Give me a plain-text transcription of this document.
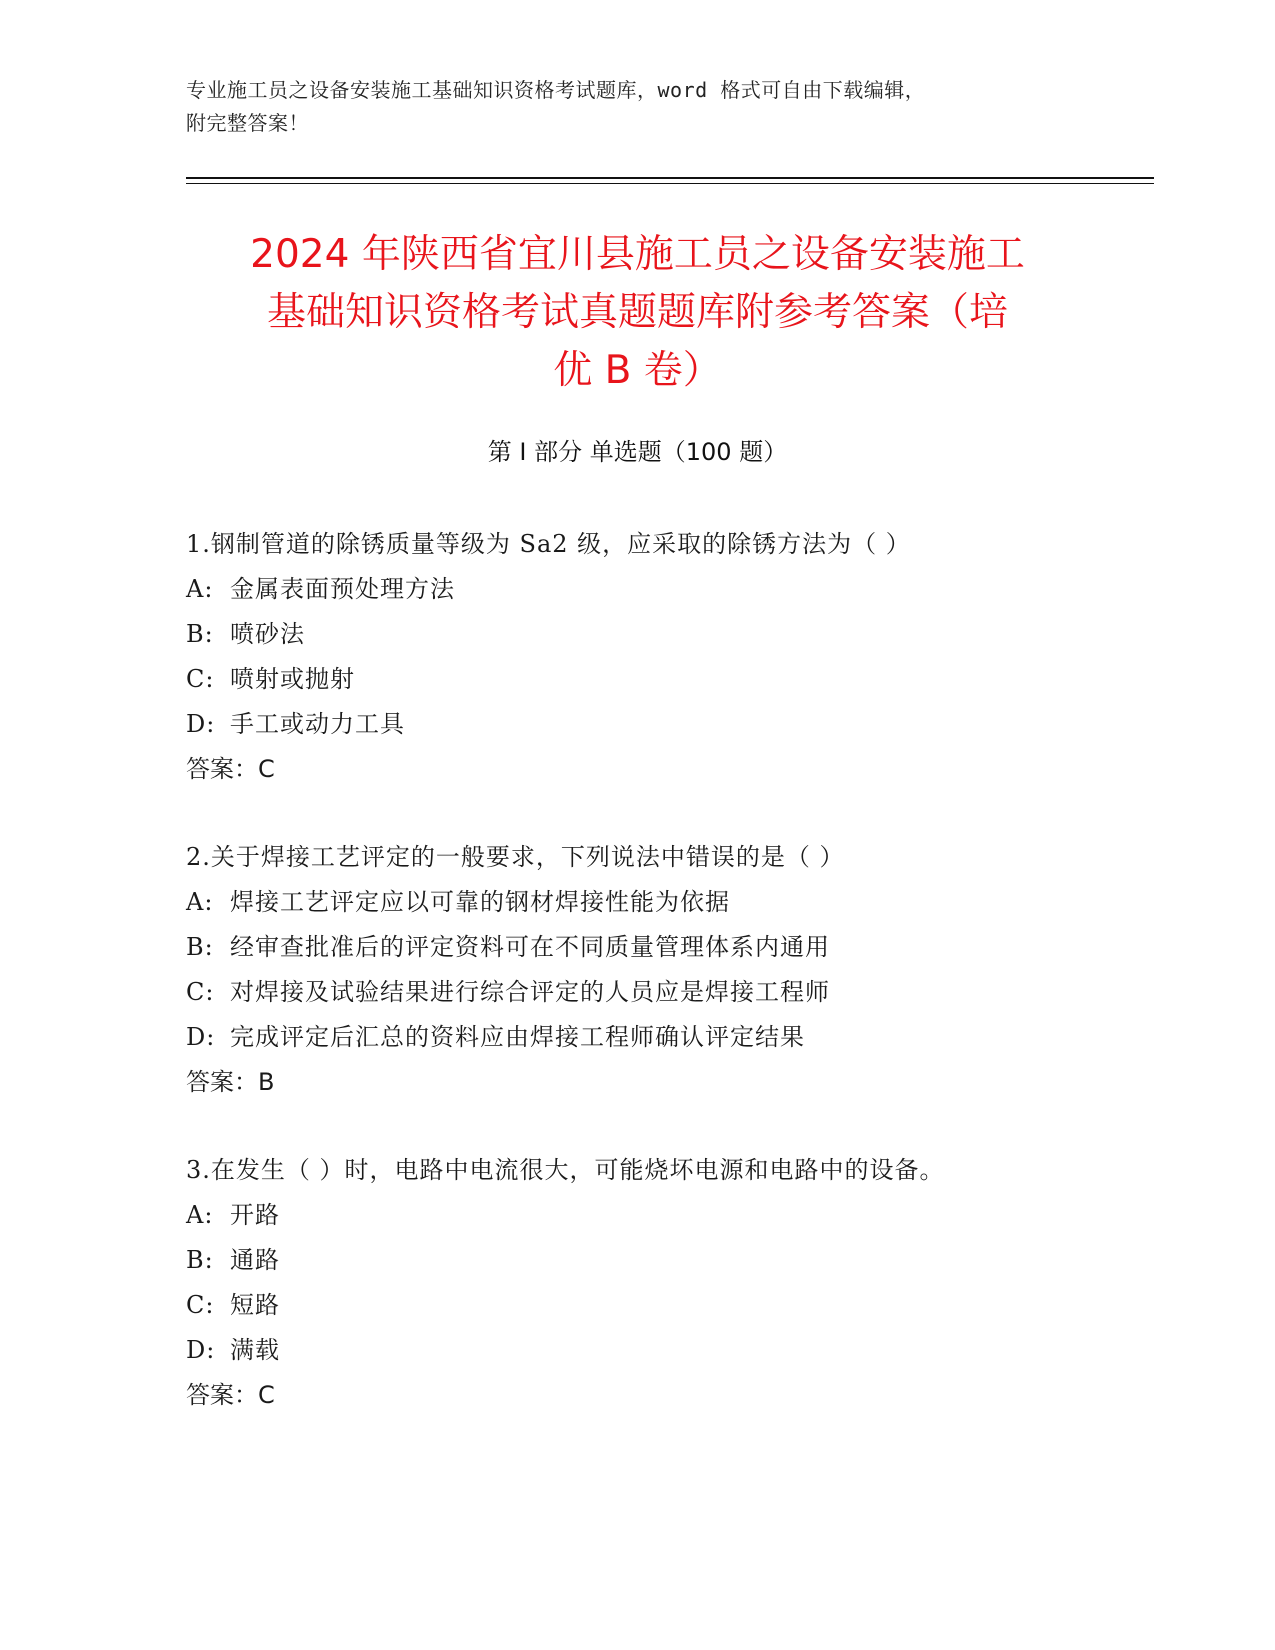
专业施工员之设备安装施工基础知识资格考试题库，word 格式可自由下载编辑，
附完整答案！
2024 年陕西省宜川县施工员之设备安装施工
基础知识资格考试真题题库附参考答案（培
优 B 卷）
第 I 部分 单选题（100 题）
1.钢制管道的除锈质量等级为 Sa2 级，应采取的除锈方法为（ ）
A: 金属表面预处理方法
B: 喷砂法
C: 喷射或抛射
D: 手工或动力工具
答案：C
2.关于焊接工艺评定的一般要求，下列说法中错误的是（ ）
A: 焊接工艺评定应以可靠的钢材焊接性能为依据
B: 经审查批准后的评定资料可在不同质量管理体系内通用
C: 对焊接及试验结果进行综合评定的人员应是焊接工程师
D: 完成评定后汇总的资料应由焊接工程师确认评定结果
答案：B
3.在发生（ ）时，电路中电流很大，可能烧坏电源和电路中的设备。
A: 开路
B: 通路
C: 短路
D: 满载
答案：C
